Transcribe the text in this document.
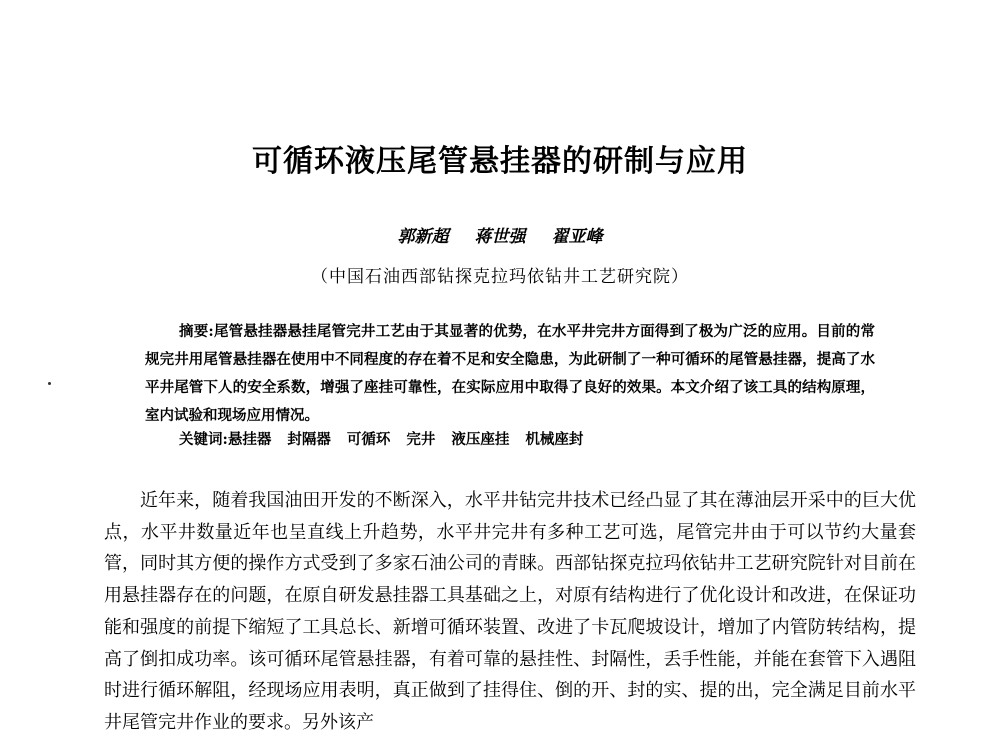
可循环液压尾管悬挂器的研制与应用
郭新超 蒋世强 翟亚峰
（中国石油西部钻探克拉玛依钻井工艺研究院）

摘要:尾管悬挂器悬挂尾管完井工艺由于其显著的优势，在水平井完井方面得到了极为广泛的应用。目前的常规完井用尾管悬挂器在使用中不同程度的存在着不足和安全隐患，为此研制了一种可循环的尾管悬挂器，提高了水平井尾管下人的安全系数，增强了座挂可靠性，在实际应用中取得了良好的效果。本文介绍了该工具的结构原理，室内试验和现场应用情况。

关键词:悬挂器 封隔器 可循环 完井 液压座挂 机械座封

近年来，随着我国油田开发的不断深入，水平井钻完井技术已经凸显了其在薄油层开采中的巨大优点，水平井数量近年也呈直线上升趋势，水平井完井有多种工艺可选，尾管完井由于可以节约大量套管，同时其方便的操作方式受到了多家石油公司的青睐。西部钻探克拉玛依钻井工艺研究院针对目前在用悬挂器存在的问题，在原自研发悬挂器工具基础之上，对原有结构进行了优化设计和改进，在保证功能和强度的前提下缩短了工具总长、新增可循环装置、改进了卡瓦爬坡设计，增加了内管防转结构，提高了倒扣成功率。该可循环尾管悬挂器，有着可靠的悬挂性、封隔性，丢手性能，并能在套管下入遇阻时进行循环解阻，经现场应用表明，真正做到了挂得住、倒的开、封的实、提的出，完全满足目前水平井尾管完井作业的要求。另外该产
